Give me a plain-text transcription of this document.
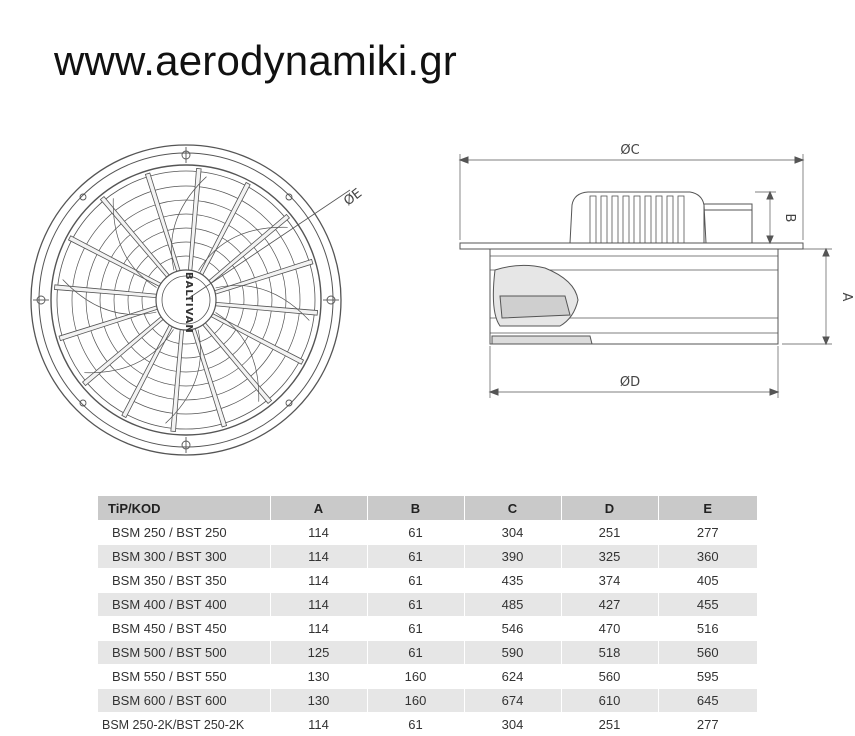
www.aerodynamiki.gr
ØE
BALTIVAN
ØC
ØD
A
B
TiP/KOD	A	B	C	D	E
BSM 250 / BST 250	114	61	304	251	277
BSM 300 / BST 300	114	61	390	325	360
BSM 350 / BST 350	114	61	435	374	405
BSM 400 / BST 400	114	61	485	427	455
BSM 450 / BST 450	114	61	546	470	516
BSM 500 / BST 500	125	61	590	518	560
BSM 550 / BST 550	130	160	624	560	595
BSM 600 / BST 600	130	160	674	610	645
BSM 250-2K/BST 250-2K	114	61	304	251	277
